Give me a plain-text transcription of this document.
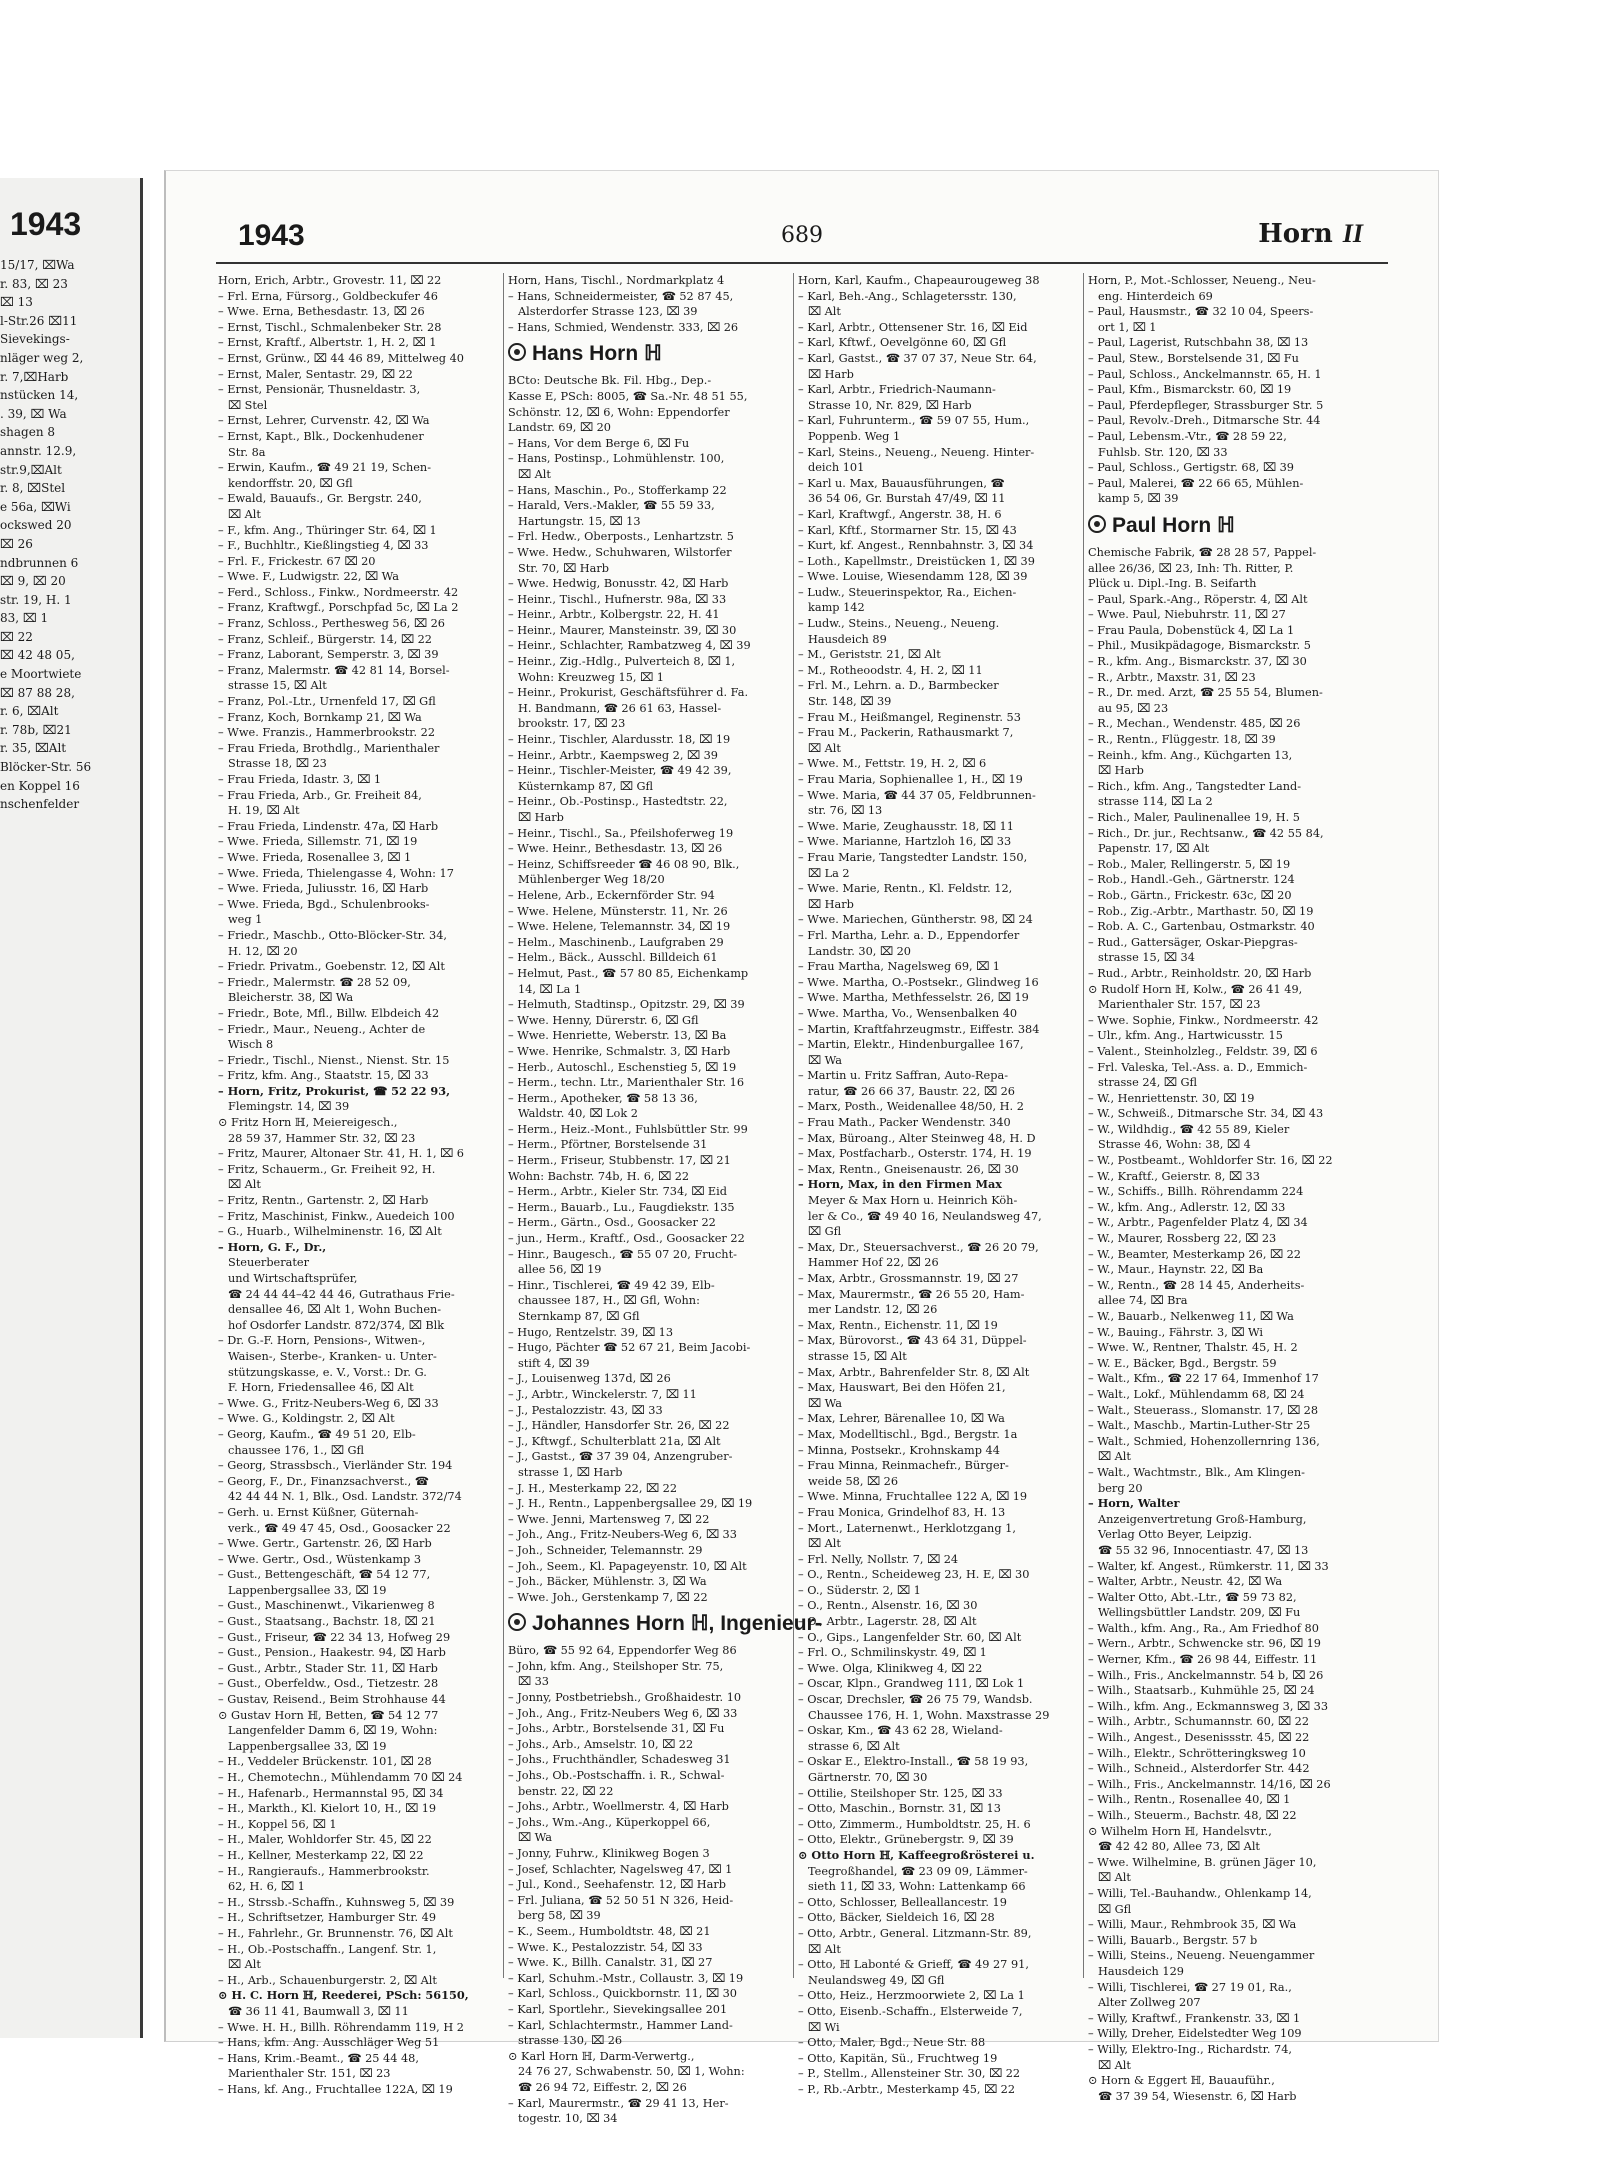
1943
15/17, ⌧Wa
r. 83, ⌧ 23
⌧ 13
l-Str.26 ⌧11
Sievekings-
nläger weg 2,
r. 7,⌧Harb
nstücken 14,
. 39, ⌧ Wa
shagen 8
annstr. 12.9,
str.9,⌧Alt
r. 8, ⌧Stel
e 56a, ⌧Wi
ockswed 20
⌧ 26
ndbrunnen 6
⌧ 9, ⌧ 20
str. 19, H. 1
83, ⌧ 1
⌧ 22
⌧ 42 48 05,
e Moortwiete
⌧ 87 88 28,
r. 6, ⌧Alt
r. 78b, ⌧21
r. 35, ⌧Alt
Blöcker-Str. 56
en Koppel 16
nschenfelder
1943	689	Horn II
Horn, Erich, Arbtr., Grovestr. 11, ⌧ 22
– Frl. Erna, Fürsorg., Goldbeckufer 46
– Wwe. Erna, Bethesdastr. 13, ⌧ 26
– Ernst, Tischl., Schmalenbeker Str. 28
– Ernst, Kraftf., Albertstr. 1, H. 2, ⌧ 1
– Ernst, Grünw., ⌧ 44 46 89, Mittelweg 40
– Ernst, Maler, Sentastr. 29, ⌧ 22
– Ernst, Pensionär, Thusneldastr. 3,
⌧ Stel
– Ernst, Lehrer, Curvenstr. 42, ⌧ Wa
– Ernst, Kapt., Blk., Dockenhudener
Str. 8a
– Erwin, Kaufm., ☎ 49 21 19, Schen-
kendorffstr. 20, ⌧ Gfl
– Ewald, Bauaufs., Gr. Bergstr. 240,
⌧ Alt
– F., kfm. Ang., Thüringer Str. 64, ⌧ 1
– F., Buchhltr., Kießlingstieg 4, ⌧ 33
– Frl. F., Frickestr. 67 ⌧ 20
– Wwe. F., Ludwigstr. 22, ⌧ Wa
– Ferd., Schloss., Finkw., Nordmeerstr. 42
– Franz, Kraftwgf., Porschpfad 5c, ⌧ La 2
– Franz, Schloss., Perthesweg 56, ⌧ 26
– Franz, Schleif., Bürgerstr. 14, ⌧ 22
– Franz, Laborant, Semperstr. 3, ⌧ 39
– Franz, Malermstr. ☎ 42 81 14, Borsel-
strasse 15, ⌧ Alt
– Franz, Pol.-Ltr., Urnenfeld 17, ⌧ Gfl
– Franz, Koch, Bornkamp 21, ⌧ Wa
– Wwe. Franzis., Hammerbrookstr. 22
– Frau Frieda, Brothdlg., Marienthaler
Strasse 18, ⌧ 23
– Frau Frieda, Idastr. 3, ⌧ 1
– Frau Frieda, Arb., Gr. Freiheit 84,
H. 19, ⌧ Alt
– Frau Frieda, Lindenstr. 47a, ⌧ Harb
– Wwe. Frieda, Sillemstr. 71, ⌧ 19
– Wwe. Frieda, Rosenallee 3, ⌧ 1
– Wwe. Frieda, Thielengasse 4, Wohn: 17
– Wwe. Frieda, Juliusstr. 16, ⌧ Harb
– Wwe. Frieda, Bgd., Schulenbrooks-
weg 1
– Friedr., Maschb., Otto-Blöcker-Str. 34,
H. 12, ⌧ 20
– Friedr. Privatm., Goebenstr. 12, ⌧ Alt
– Friedr., Malermstr. ☎ 28 52 09,
Bleicherstr. 38, ⌧ Wa
– Friedr., Bote, Mfl., Billw. Elbdeich 42
– Friedr., Maur., Neueng., Achter de
Wisch 8
– Friedr., Tischl., Nienst., Nienst. Str. 15
– Fritz, kfm. Ang., Staatstr. 15, ⌧ 33
– Horn, Fritz, Prokurist, ☎ 52 22 93,
Flemingstr. 14, ⌧ 39
⊙ Fritz Horn ℍ, Meiereigesch.,
28 59 37, Hammer Str. 32, ⌧ 23
– Fritz, Maurer, Altonaer Str. 41, H. 1, ⌧ 6
– Fritz, Schauerm., Gr. Freiheit 92, H.
⌧ Alt
– Fritz, Rentn., Gartenstr. 2, ⌧ Harb
– Fritz, Maschinist, Finkw., Auedeich 100
– G., Huarb., Wilhelminenstr. 16, ⌧ Alt
– Horn, G. F., Dr.,
Steuerberater
und Wirtschaftsprüfer,
☎ 24 44 44–42 44 46, Gutrathaus Frie-
densallee 46, ⌧ Alt 1, Wohn Buchen-
hof Osdorfer Landstr. 872/374, ⌧ Blk
– Dr. G.-F. Horn, Pensions-, Witwen-,
Waisen-, Sterbe-, Kranken- u. Unter-
stützungskasse, e. V., Vorst.: Dr. G.
F. Horn, Friedensallee 46, ⌧ Alt
– Wwe. G., Fritz-Neubers-Weg 6, ⌧ 33
– Wwe. G., Koldingstr. 2, ⌧ Alt
– Georg, Kaufm., ☎ 49 51 20, Elb-
chaussee 176, 1., ⌧ Gfl
– Georg, Strassbsch., Vierländer Str. 194
– Georg, F., Dr., Finanzsachverst., ☎
42 44 44 N. 1, Blk., Osd. Landstr. 372/74
– Gerh. u. Ernst Küßner, Güternah-
verk., ☎ 49 47 45, Osd., Goosacker 22
– Wwe. Gertr., Gartenstr. 26, ⌧ Harb
– Wwe. Gertr., Osd., Wüstenkamp 3
– Gust., Bettengeschäft, ☎ 54 12 77,
Lappenbergsallee 33, ⌧ 19
– Gust., Maschinenwt., Vikarienweg 8
– Gust., Staatsang., Bachstr. 18, ⌧ 21
– Gust., Friseur, ☎ 22 34 13, Hofweg 29
– Gust., Pension., Haakestr. 94, ⌧ Harb
– Gust., Arbtr., Stader Str. 11, ⌧ Harb
– Gust., Oberfeldw., Osd., Tietzestr. 28
– Gustav, Reisend., Beim Strohhause 44
⊙ Gustav Horn ℍ, Betten, ☎ 54 12 77
Langenfelder Damm 6, ⌧ 19, Wohn:
Lappenbergsallee 33, ⌧ 19
– H., Veddeler Brückenstr. 101, ⌧ 28
– H., Chemotechn., Mühlendamm 70 ⌧ 24
– H., Hafenarb., Hermannstal 95, ⌧ 34
– H., Markth., Kl. Kielort 10, H., ⌧ 19
– H., Koppel 56, ⌧ 1
– H., Maler, Wohldorfer Str. 45, ⌧ 22
– H., Kellner, Mesterkamp 22, ⌧ 22
– H., Rangieraufs., Hammerbrookstr.
62, H. 6, ⌧ 1
– H., Strssb.-Schaffn., Kuhnsweg 5, ⌧ 39
– H., Schriftsetzer, Hamburger Str. 49
– H., Fahrlehr., Gr. Brunnenstr. 76, ⌧ Alt
– H., Ob.-Postschaffn., Langenf. Str. 1,
⌧ Alt
– H., Arb., Schauenburgerstr. 2, ⌧ Alt
⊙ H. C. Horn ℍ, Reederei, PSch: 56150,
☎ 36 11 41, Baumwall 3, ⌧ 11
– Wwe. H. H., Billh. Röhrendamm 119, H 2
– Hans, kfm. Ang. Ausschläger Weg 51
– Hans, Krim.-Beamt., ☎ 25 44 48,
Marienthaler Str. 151, ⌧ 23
– Hans, kf. Ang., Fruchtallee 122A, ⌧ 19
Horn, Hans, Tischl., Nordmarkplatz 4
– Hans, Schneidermeister, ☎ 52 87 45,
Alsterdorfer Strasse 123, ⌧ 39
– Hans, Schmied, Wendenstr. 333, ⌧ 26
Hans Horn ℍ
BCto: Deutsche Bk. Fil. Hbg., Dep.-
Kasse E, PSch: 8005, ☎ Sa.-Nr. 48 51 55,
Schönstr. 12, ⌧ 6, Wohn: Eppendorfer
Landstr. 69, ⌧ 20
– Hans, Vor dem Berge 6, ⌧ Fu
– Hans, Postinsp., Lohmühlenstr. 100,
⌧ Alt
– Hans, Maschin., Po., Stofferkamp 22
– Harald, Vers.-Makler, ☎ 55 59 33,
Hartungstr. 15, ⌧ 13
– Frl. Hedw., Oberposts., Lenhartzstr. 5
– Wwe. Hedw., Schuhwaren, Wilstorfer
Str. 70, ⌧ Harb
– Wwe. Hedwig, Bonusstr. 42, ⌧ Harb
– Heinr., Tischl., Hufnerstr. 98a, ⌧ 33
– Heinr., Arbtr., Kolbergstr. 22, H. 41
– Heinr., Maurer, Mansteinstr. 39, ⌧ 30
– Heinr., Schlachter, Rambatzweg 4, ⌧ 39
– Heinr., Zig.-Hdlg., Pulverteich 8, ⌧ 1,
Wohn: Kreuzweg 15, ⌧ 1
– Heinr., Prokurist, Geschäftsführer d. Fa.
H. Bandmann, ☎ 26 61 63, Hassel-
brookstr. 17, ⌧ 23
– Heinr., Tischler, Alardusstr. 18, ⌧ 19
– Heinr., Arbtr., Kaempsweg 2, ⌧ 39
– Heinr., Tischler-Meister, ☎ 49 42 39,
Küsternkamp 87, ⌧ Gfl
– Heinr., Ob.-Postinsp., Hastedtstr. 22,
⌧ Harb
– Heinr., Tischl., Sa., Pfeilshoferweg 19
– Wwe. Heinr., Bethesdastr. 13, ⌧ 26
– Heinz, Schiffsreeder ☎ 46 08 90, Blk.,
Mühlenberger Weg 18/20
– Helene, Arb., Eckernförder Str. 94
– Wwe. Helene, Münsterstr. 11, Nr. 26
– Wwe. Helene, Telemannstr. 34, ⌧ 19
– Helm., Maschinenb., Laufgraben 29
– Helm., Bäck., Ausschl. Billdeich 61
– Helmut, Past., ☎ 57 80 85, Eichenkamp
14, ⌧ La 1
– Helmuth, Stadtinsp., Opitzstr. 29, ⌧ 39
– Wwe. Henny, Dürerstr. 6, ⌧ Gfl
– Wwe. Henriette, Weberstr. 13, ⌧ Ba
– Wwe. Henrike, Schmalstr. 3, ⌧ Harb
– Herb., Autoschl., Eschenstieg 5, ⌧ 19
– Herm., techn. Ltr., Marienthaler Str. 16
– Herm., Apotheker, ☎ 58 13 36,
Waldstr. 40, ⌧ Lok 2
– Herm., Heiz.-Mont., Fuhlsbüttler Str. 99
– Herm., Pförtner, Borstelsende 31
– Herm., Friseur, Stubbenstr. 17, ⌧ 21
Wohn: Bachstr. 74b, H. 6, ⌧ 22
– Herm., Arbtr., Kieler Str. 734, ⌧ Eid
– Herm., Bauarb., Lu., Faugdiekstr. 135
– Herm., Gärtn., Osd., Goosacker 22
– jun., Herm., Kraftf., Osd., Goosacker 22
– Hinr., Baugesch., ☎ 55 07 20, Frucht-
allee 56, ⌧ 19
– Hinr., Tischlerei, ☎ 49 42 39, Elb-
chaussee 187, H., ⌧ Gfl, Wohn:
Sternkamp 87, ⌧ Gfl
– Hugo, Rentzelstr. 39, ⌧ 13
– Hugo, Pächter ☎ 52 67 21, Beim Jacobi-
stift 4, ⌧ 39
– J., Louisenweg 137d, ⌧ 26
– J., Arbtr., Winckelerstr. 7, ⌧ 11
– J., Pestalozzistr. 43, ⌧ 33
– J., Händler, Hansdorfer Str. 26, ⌧ 22
– J., Kftwgf., Schulterblatt 21a, ⌧ Alt
– J., Gastst., ☎ 37 39 04, Anzengruber-
strasse 1, ⌧ Harb
– J. H., Mesterkamp 22, ⌧ 22
– J. H., Rentn., Lappenbergsallee 29, ⌧ 19
– Wwe. Jenni, Martensweg 7, ⌧ 22
– Joh., Ang., Fritz-Neubers-Weg 6, ⌧ 33
– Joh., Schneider, Telemannstr. 29
– Joh., Seem., Kl. Papageyenstr. 10, ⌧ Alt
– Joh., Bäcker, Mühlenstr. 3, ⌧ Wa
– Wwe. Joh., Gerstenkamp 7, ⌧ 22
Johannes Horn ℍ, Ingenieur-
Büro, ☎ 55 92 64, Eppendorfer Weg 86
– John, kfm. Ang., Steilshoper Str. 75,
⌧ 33
– Jonny, Postbetriebsh., Großhaidestr. 10
– Joh., Ang., Fritz-Neubers Weg 6, ⌧ 33
– Johs., Arbtr., Borstelsende 31, ⌧ Fu
– Johs., Arb., Amselstr. 10, ⌧ 22
– Johs., Fruchthändler, Schadesweg 31
– Johs., Ob.-Postschaffn. i. R., Schwal-
benstr. 22, ⌧ 22
– Johs., Arbtr., Woellmerstr. 4, ⌧ Harb
– Johs., Wm.-Ang., Küperkoppel 66,
⌧ Wa
– Jonny, Fuhrw., Klinikweg Bogen 3
– Josef, Schlachter, Nagelsweg 47, ⌧ 1
– Jul., Kond., Seehafenstr. 12, ⌧ Harb
– Frl. Juliana, ☎ 52 50 51 N 326, Heid-
berg 58, ⌧ 39
– K., Seem., Humboldtstr. 48, ⌧ 21
– Wwe. K., Pestalozzistr. 54, ⌧ 33
– Wwe. K., Billh. Canalstr. 31, ⌧ 27
– Karl, Schuhm.-Mstr., Collaustr. 3, ⌧ 19
– Karl, Schloss., Quickbornstr. 11, ⌧ 30
– Karl, Sportlehr., Sievekingsallee 201
– Karl, Schlachtermstr., Hammer Land-
strasse 130, ⌧ 26
⊙ Karl Horn ℍ, Darm-Verwertg.,
24 76 27, Schwabenstr. 50, ⌧ 1, Wohn:
☎ 26 94 72, Eiffestr. 2, ⌧ 26
– Karl, Maurermstr., ☎ 29 41 13, Her-
togestr. 10, ⌧ 34
Horn, Karl, Kaufm., Chapeaurougeweg 38
– Karl, Beh.-Ang., Schlagetersstr. 130,
⌧ Alt
– Karl, Arbtr., Ottensener Str. 16, ⌧ Eid
– Karl, Kftwf., Oevelgönne 60, ⌧ Gfl
– Karl, Gastst., ☎ 37 07 37, Neue Str. 64,
⌧ Harb
– Karl, Arbtr., Friedrich-Naumann-
Strasse 10, Nr. 829, ⌧ Harb
– Karl, Fuhrunterm., ☎ 59 07 55, Hum.,
Poppenb. Weg 1
– Karl, Steins., Neueng., Neueng. Hinter-
deich 101
– Karl u. Max, Bauausführungen, ☎
36 54 06, Gr. Burstah 47/49, ⌧ 11
– Karl, Kraftwgf., Angerstr. 38, H. 6
– Karl, Kftf., Stormarner Str. 15, ⌧ 43
– Kurt, kf. Angest., Rennbahnstr. 3, ⌧ 34
– Loth., Kapellmstr., Dreistücken 1, ⌧ 39
– Wwe. Louise, Wiesendamm 128, ⌧ 39
– Ludw., Steuerinspektor, Ra., Eichen-
kamp 142
– Ludw., Steins., Neueng., Neueng.
Hausdeich 89
– M., Geriststr. 21, ⌧ Alt
– M., Rotheoodstr. 4, H. 2, ⌧ 11
– Frl. M., Lehrn. a. D., Barmbecker
Str. 148, ⌧ 39
– Frau M., Heißmangel, Reginenstr. 53
– Frau M., Packerin, Rathausmarkt 7,
⌧ Alt
– Wwe. M., Fettstr. 19, H. 2, ⌧ 6
– Frau Maria, Sophienallee 1, H., ⌧ 19
– Wwe. Maria, ☎ 44 37 05, Feldbrunnen-
str. 76, ⌧ 13
– Wwe. Marie, Zeughausstr. 18, ⌧ 11
– Wwe. Marianne, Hartzloh 16, ⌧ 33
– Frau Marie, Tangstedter Landstr. 150,
⌧ La 2
– Wwe. Marie, Rentn., Kl. Feldstr. 12,
⌧ Harb
– Wwe. Mariechen, Güntherstr. 98, ⌧ 24
– Frl. Martha, Lehr. a. D., Eppendorfer
Landstr. 30, ⌧ 20
– Frau Martha, Nagelsweg 69, ⌧ 1
– Wwe. Martha, O.-Postsekr., Glindweg 16
– Wwe. Martha, Methfesselstr. 26, ⌧ 19
– Wwe. Martha, Vo., Wensenbalken 40
– Martin, Kraftfahrzeugmstr., Eiffestr. 384
– Martin, Elektr., Hindenburgallee 167,
⌧ Wa
– Martin u. Fritz Saffran, Auto-Repa-
ratur, ☎ 26 66 37, Baustr. 22, ⌧ 26
– Marx, Posth., Weidenallee 48/50, H. 2
– Frau Math., Packer Wendenstr. 340
– Max, Büroang., Alter Steinweg 48, H. D
– Max, Postfacharb., Osterstr. 174, H. 19
– Max, Rentn., Gneisenaustr. 26, ⌧ 30
– Horn, Max, in den Firmen Max
Meyer & Max Horn u. Heinrich Köh-
ler & Co., ☎ 49 40 16, Neulandsweg 47,
⌧ Gfl
– Max, Dr., Steuersachverst., ☎ 26 20 79,
Hammer Hof 22, ⌧ 26
– Max, Arbtr., Grossmannstr. 19, ⌧ 27
– Max, Maurermstr., ☎ 26 55 20, Ham-
mer Landstr. 12, ⌧ 26
– Max, Rentn., Eichenstr. 11, ⌧ 19
– Max, Bürovorst., ☎ 43 64 31, Düppel-
strasse 15, ⌧ Alt
– Max, Arbtr., Bahrenfelder Str. 8, ⌧ Alt
– Max, Hauswart, Bei den Höfen 21,
⌧ Wa
– Max, Lehrer, Bärenallee 10, ⌧ Wa
– Max, Modelltischl., Bgd., Bergstr. 1a
– Minna, Postsekr., Krohnskamp 44
– Frau Minna, Reinmachefr., Bürger-
weide 58, ⌧ 26
– Wwe. Minna, Fruchtallee 122 A, ⌧ 19
– Frau Monica, Grindelhof 83, H. 13
– Mort., Laternenwt., Herklotzgang 1,
⌧ Alt
– Frl. Nelly, Nollstr. 7, ⌧ 24
– O., Rentn., Scheideweg 23, H. E, ⌧ 30
– O., Süderstr. 2, ⌧ 1
– O., Rentn., Alsenstr. 16, ⌧ 30
– O., Arbtr., Lagerstr. 28, ⌧ Alt
– O., Gips., Langenfelder Str. 60, ⌧ Alt
– Frl. O., Schmilinskystr. 49, ⌧ 1
– Wwe. Olga, Klinikweg 4, ⌧ 22
– Oscar, Klpn., Grandweg 111, ⌧ Lok 1
– Oscar, Drechsler, ☎ 26 75 79, Wandsb.
Chaussee 176, H. 1, Wohn. Maxstrasse 29
– Oskar, Km., ☎ 43 62 28, Wieland-
strasse 6, ⌧ Alt
– Oskar E., Elektro-Install., ☎ 58 19 93,
Gärtnerstr. 70, ⌧ 30
– Ottilie, Steilshoper Str. 125, ⌧ 33
– Otto, Maschin., Bornstr. 31, ⌧ 13
– Otto, Zimmerm., Humboldtstr. 25, H. 6
– Otto, Elektr., Grünebergstr. 9, ⌧ 39
⊙ Otto Horn ℍ, Kaffeegroßrösterei u.
Teegroßhandel, ☎ 23 09 09, Lämmer-
sieth 11, ⌧ 33, Wohn: Lattenkamp 66
– Otto, Schlosser, Belleallancestr. 19
– Otto, Bäcker, Sieldeich 16, ⌧ 28
– Otto, Arbtr., General. Litzmann-Str. 89,
⌧ Alt
– Otto, ℍ Labonté & Grieff, ☎ 49 27 91,
Neulandsweg 49, ⌧ Gfl
– Otto, Heiz., Herzmoorwiete 2, ⌧ La 1
– Otto, Eisenb.-Schaffn., Elsterweide 7,
⌧ Wi
– Otto, Maler, Bgd., Neue Str. 88
– Otto, Kapitän, Sü., Fruchtweg 19
– P., Stellm., Allensteiner Str. 30, ⌧ 22
– P., Rb.-Arbtr., Mesterkamp 45, ⌧ 22
Horn, P., Mot.-Schlosser, Neueng., Neu-
eng. Hinterdeich 69
– Paul, Hausmstr., ☎ 32 10 04, Speers-
ort 1, ⌧ 1
– Paul, Lagerist, Rutschbahn 38, ⌧ 13
– Paul, Stew., Borstelsende 31, ⌧ Fu
– Paul, Schloss., Anckelmannstr. 65, H. 1
– Paul, Kfm., Bismarckstr. 60, ⌧ 19
– Paul, Pferdepfleger, Strassburger Str. 5
– Paul, Revolv.-Dreh., Ditmarsche Str. 44
– Paul, Lebensm.-Vtr., ☎ 28 59 22,
Fuhlsb. Str. 120, ⌧ 33
– Paul, Schloss., Gertigstr. 68, ⌧ 39
– Paul, Malerei, ☎ 22 66 65, Mühlen-
kamp 5, ⌧ 39
Paul Horn ℍ
Chemische Fabrik, ☎ 28 28 57, Pappel-
allee 26/36, ⌧ 23, Inh: Th. Ritter, P.
Plück u. Dipl.-Ing. B. Seifarth
– Paul, Spark.-Ang., Röperstr. 4, ⌧ Alt
– Wwe. Paul, Niebuhrstr. 11, ⌧ 27
– Frau Paula, Dobenstück 4, ⌧ La 1
– Phil., Musikpädagoge, Bismarckstr. 5
– R., kfm. Ang., Bismarckstr. 37, ⌧ 30
– R., Arbtr., Maxstr. 31, ⌧ 23
– R., Dr. med. Arzt, ☎ 25 55 54, Blumen-
au 95, ⌧ 23
– R., Mechan., Wendenstr. 485, ⌧ 26
– R., Rentn., Flüggestr. 18, ⌧ 39
– Reinh., kfm. Ang., Küchgarten 13,
⌧ Harb
– Rich., kfm. Ang., Tangstedter Land-
strasse 114, ⌧ La 2
– Rich., Maler, Paulinenallee 19, H. 5
– Rich., Dr. jur., Rechtsanw., ☎ 42 55 84,
Papenstr. 17, ⌧ Alt
– Rob., Maler, Rellingerstr. 5, ⌧ 19
– Rob., Handl.-Geh., Gärtnerstr. 124
– Rob., Gärtn., Frickestr. 63c, ⌧ 20
– Rob., Zig.-Arbtr., Marthastr. 50, ⌧ 19
– Rob. A. C., Gartenbau, Ostmarkstr. 40
– Rud., Gattersäger, Oskar-Piepgras-
strasse 15, ⌧ 34
– Rud., Arbtr., Reinholdstr. 20, ⌧ Harb
⊙ Rudolf Horn ℍ, Kolw., ☎ 26 41 49,
Marienthaler Str. 157, ⌧ 23
– Wwe. Sophie, Finkw., Nordmeerstr. 42
– Ulr., kfm. Ang., Hartwicusstr. 15
– Valent., Steinholzleg., Feldstr. 39, ⌧ 6
– Frl. Valeska, Tel.-Ass. a. D., Emmich-
strasse 24, ⌧ Gfl
– W., Henriettenstr. 30, ⌧ 19
– W., Schweiß., Ditmarsche Str. 34, ⌧ 43
– W., Wildhdig., ☎ 42 55 89, Kieler
Strasse 46, Wohn: 38, ⌧ 4
– W., Postbeamt., Wohldorfer Str. 16, ⌧ 22
– W., Kraftf., Geierstr. 8, ⌧ 33
– W., Schiffs., Billh. Röhrendamm 224
– W., kfm. Ang., Adlerstr. 12, ⌧ 33
– W., Arbtr., Pagenfelder Platz 4, ⌧ 34
– W., Maurer, Rossberg 22, ⌧ 23
– W., Beamter, Mesterkamp 26, ⌧ 22
– W., Maur., Haynstr. 22, ⌧ Ba
– W., Rentn., ☎ 28 14 45, Anderheits-
allee 74, ⌧ Bra
– W., Bauarb., Nelkenweg 11, ⌧ Wa
– W., Bauing., Fährstr. 3, ⌧ Wi
– Wwe. W., Rentner, Thalstr. 45, H. 2
– W. E., Bäcker, Bgd., Bergstr. 59
– Walt., Kfm., ☎ 22 17 64, Immenhof 17
– Walt., Lokf., Mühlendamm 68, ⌧ 24
– Walt., Steuerass., Slomanstr. 17, ⌧ 28
– Walt., Maschb., Martin-Luther-Str 25
– Walt., Schmied, Hohenzollernring 136,
⌧ Alt
– Walt., Wachtmstr., Blk., Am Klingen-
berg 20
– Horn, Walter
Anzeigenvertretung Groß-Hamburg,
Verlag Otto Beyer, Leipzig.
☎ 55 32 96, Innocentiastr. 47, ⌧ 13
– Walter, kf. Angest., Rümkerstr. 11, ⌧ 33
– Walter, Arbtr., Neustr. 42, ⌧ Wa
– Walter Otto, Abt.-Ltr., ☎ 59 73 82,
Wellingsbüttler Landstr. 209, ⌧ Fu
– Walth., kfm. Ang., Ra., Am Friedhof 80
– Wern., Arbtr., Schwencke str. 96, ⌧ 19
– Werner, Kfm., ☎ 26 98 44, Eiffestr. 11
– Wilh., Fris., Anckelmannstr. 54 b, ⌧ 26
– Wilh., Staatsarb., Kuhmühle 25, ⌧ 24
– Wilh., kfm. Ang., Eckmannsweg 3, ⌧ 33
– Wilh., Arbtr., Schumannstr. 60, ⌧ 22
– Wilh., Angest., Desenissstr. 45, ⌧ 22
– Wilh., Elektr., Schrötteringksweg 10
– Wilh., Schneid., Alsterdorfer Str. 442
– Wilh., Fris., Anckelmannstr. 14/16, ⌧ 26
– Wilh., Rentn., Rosenallee 40, ⌧ 1
– Wilh., Steuerm., Bachstr. 48, ⌧ 22
⊙ Wilhelm Horn ℍ, Handelsvtr.,
☎ 42 42 80, Allee 73, ⌧ Alt
– Wwe. Wilhelmine, B. grünen Jäger 10,
⌧ Alt
– Willi, Tel.-Bauhandw., Ohlenkamp 14,
⌧ Gfl
– Willi, Maur., Rehmbrook 35, ⌧ Wa
– Willi, Bauarb., Bergstr. 57 b
– Willi, Steins., Neueng. Neuengammer
Hausdeich 129
– Willi, Tischlerei, ☎ 27 19 01, Ra.,
Alter Zollweg 207
– Willy, Kraftwf., Frankenstr. 33, ⌧ 1
– Willy, Dreher, Eidelstedter Weg 109
– Willy, Elektro-Ing., Richardstr. 74,
⌧ Alt
⊙ Horn & Eggert ℍ, Bauauführ.,
☎ 37 39 54, Wiesenstr. 6, ⌧ Harb
